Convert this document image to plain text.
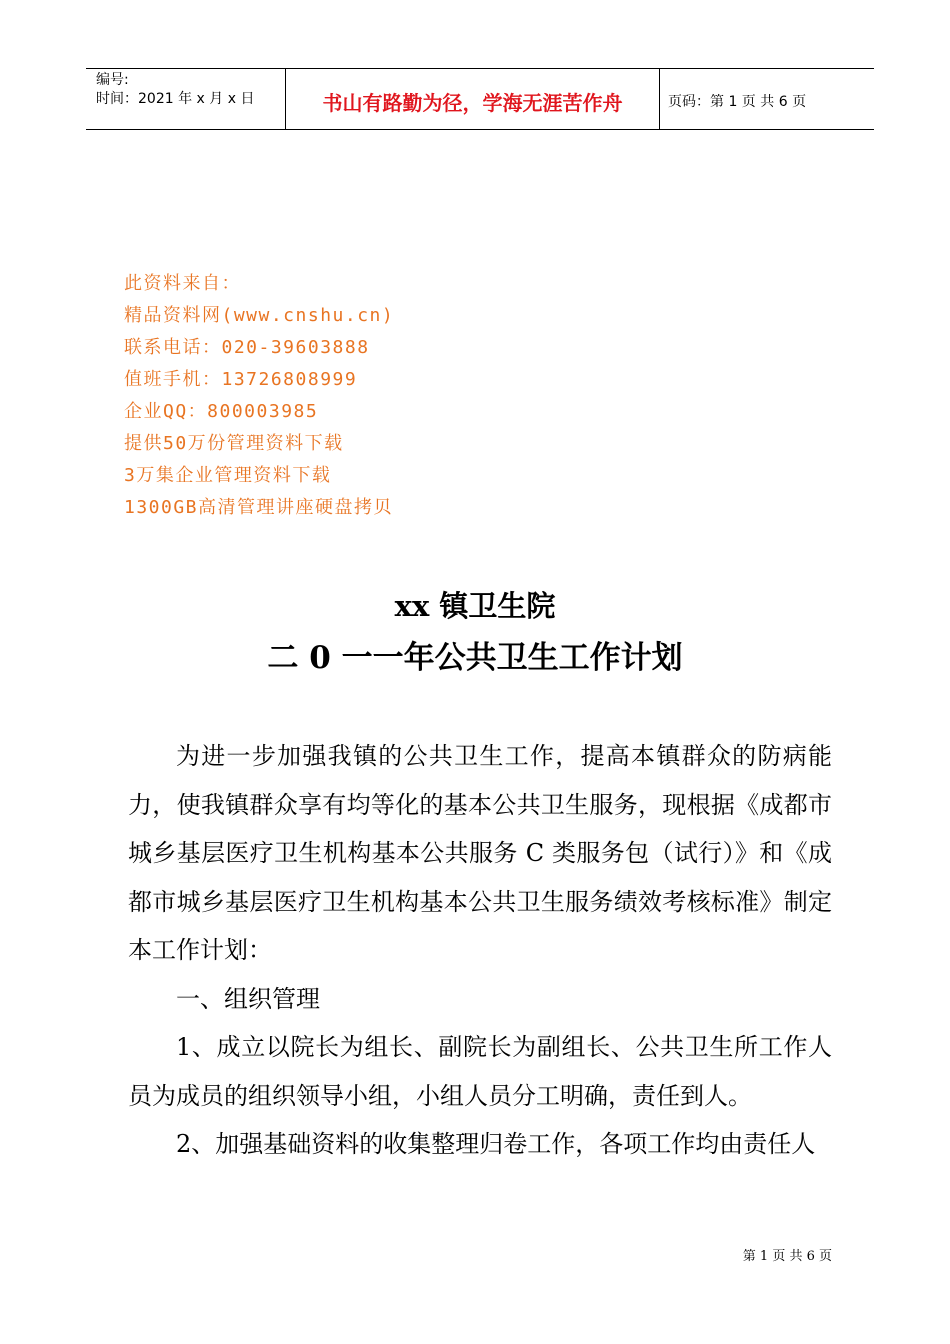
编号:
时间：2021 年 x 月 x 日	书山有路勤为径，学海无涯苦作舟	页码：第 1 页 共 6 页
此资料来自：
精品资料网(www.cnshu.cn)
联系电话：020-39603888
值班手机：13726808999
企业QQ：800003985
提供50万份管理资料下载
3万集企业管理资料下载
1300GB高清管理讲座硬盘拷贝
xx 镇卫生院
二 0 一一年公共卫生工作计划

为进一步加强我镇的公共卫生工作，提高本镇群众的防病能力，使我镇群众享有均等化的基本公共卫生服务，现根据《成都市城乡基层医疗卫生机构基本公共服务 C 类服务包（试行）》和《成都市城乡基层医疗卫生机构基本公共卫生服务绩效考核标准》制定本工作计划：

一、组织管理

1、成立以院长为组长、副院长为副组长、公共卫生所工作人员为成员的组织领导小组，小组人员分工明确，责任到人。

2、加强基础资料的收集整理归卷工作，各项工作均由责任人

第 1 页 共 6 页
